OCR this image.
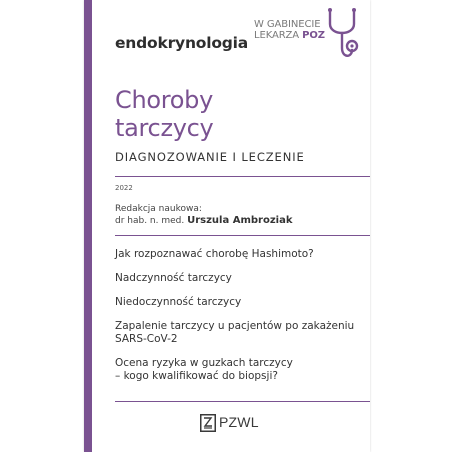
endokrynologia
W GABINECIE
LEKARZA POZ
Choroby
tarczycy
DIAGNOZOWANIE I LECZENIE
2022
Redakcja naukowa:
dr hab. n. med. Urszula Ambroziak
Jak rozpoznawać chorobę Hashimoto?
Nadczynność tarczycy
Niedoczynność tarczycy
Zapalenie tarczycy u pacjentów po zakażeniu
SARS-CoV-2
Ocena ryzyka w guzkach tarczycy
– kogo kwalifikować do biopsji?
PZWL
